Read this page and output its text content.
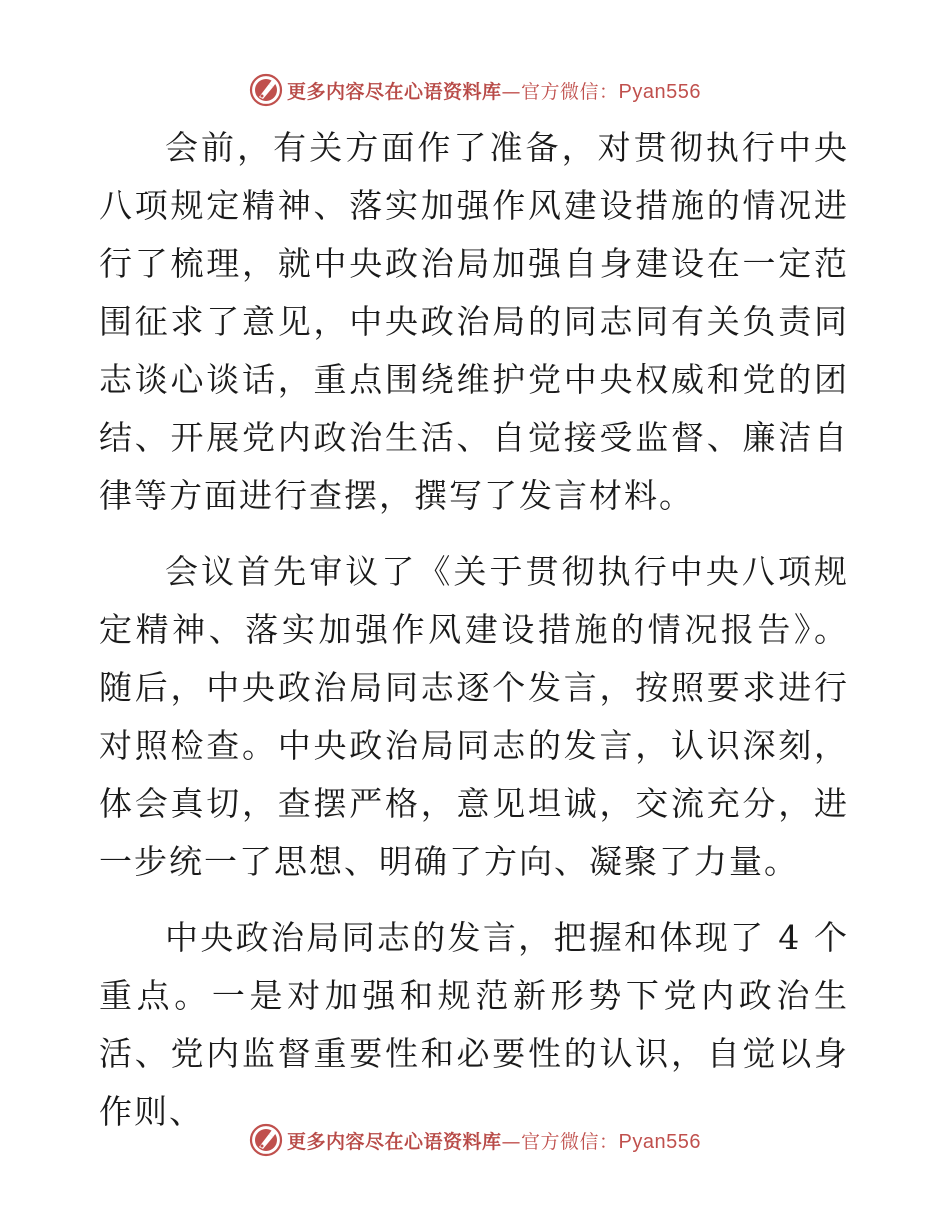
更多内容尽在心语资料库—官方微信：Pyan556

会前，有关方面作了准备，对贯彻执行中央八项规定精神、落实加强作风建设措施的情况进行了梳理，就中央政治局加强自身建设在一定范围征求了意见，中央政治局的同志同有关负责同志谈心谈话，重点围绕维护党中央权威和党的团结、开展党内政治生活、自觉接受监督、廉洁自律等方面进行查摆，撰写了发言材料。

会议首先审议了《关于贯彻执行中央八项规定精神、落实加强作风建设措施的情况报告》。随后，中央政治局同志逐个发言，按照要求进行对照检查。中央政治局同志的发言，认识深刻，体会真切，查摆严格，意见坦诚，交流充分，进一步统一了思想、明确了方向、凝聚了力量。

中央政治局同志的发言，把握和体现了 4 个重点。一是对加强和规范新形势下党内政治生活、党内监督重要性和必要性的认识，自觉以身作则、

更多内容尽在心语资料库—官方微信：Pyan556
